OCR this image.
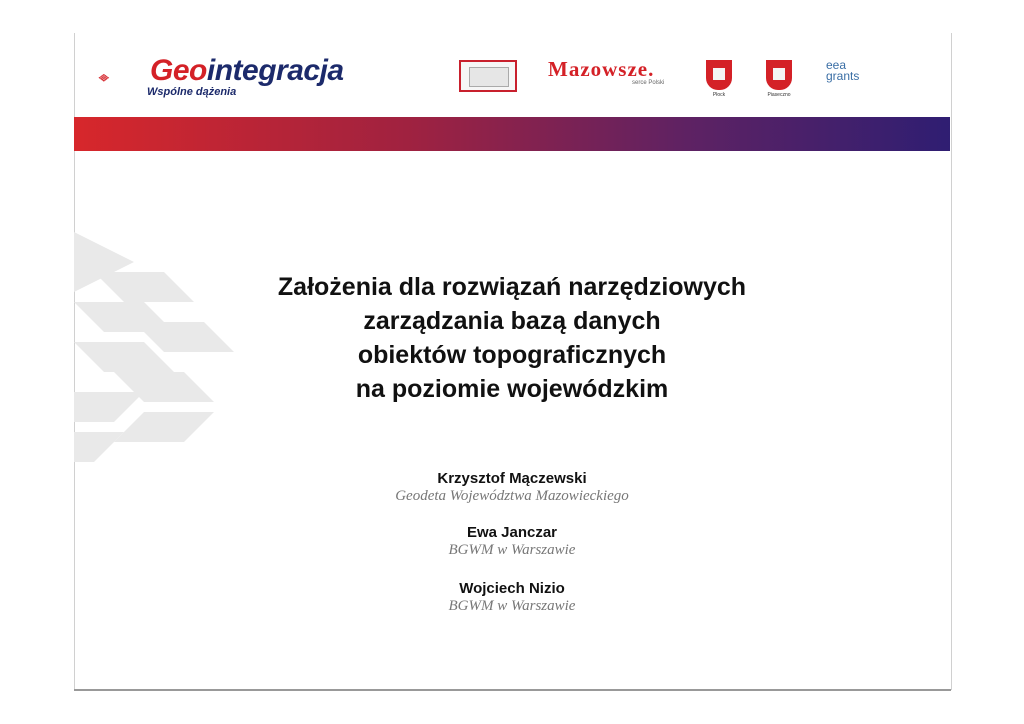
Geointegracja
Wspólne dążenia
Mazowsze.
serce Polski
Płock	Piaseczno
eea
grants
Założenia dla rozwiązań narzędziowych
zarządzania bazą danych
obiektów topograficznych
na poziomie wojewódzkim
Krzysztof Mączewski
Geodeta Województwa Mazowieckiego
Ewa Janczar
BGWM w Warszawie
Wojciech Nizio
BGWM w Warszawie
